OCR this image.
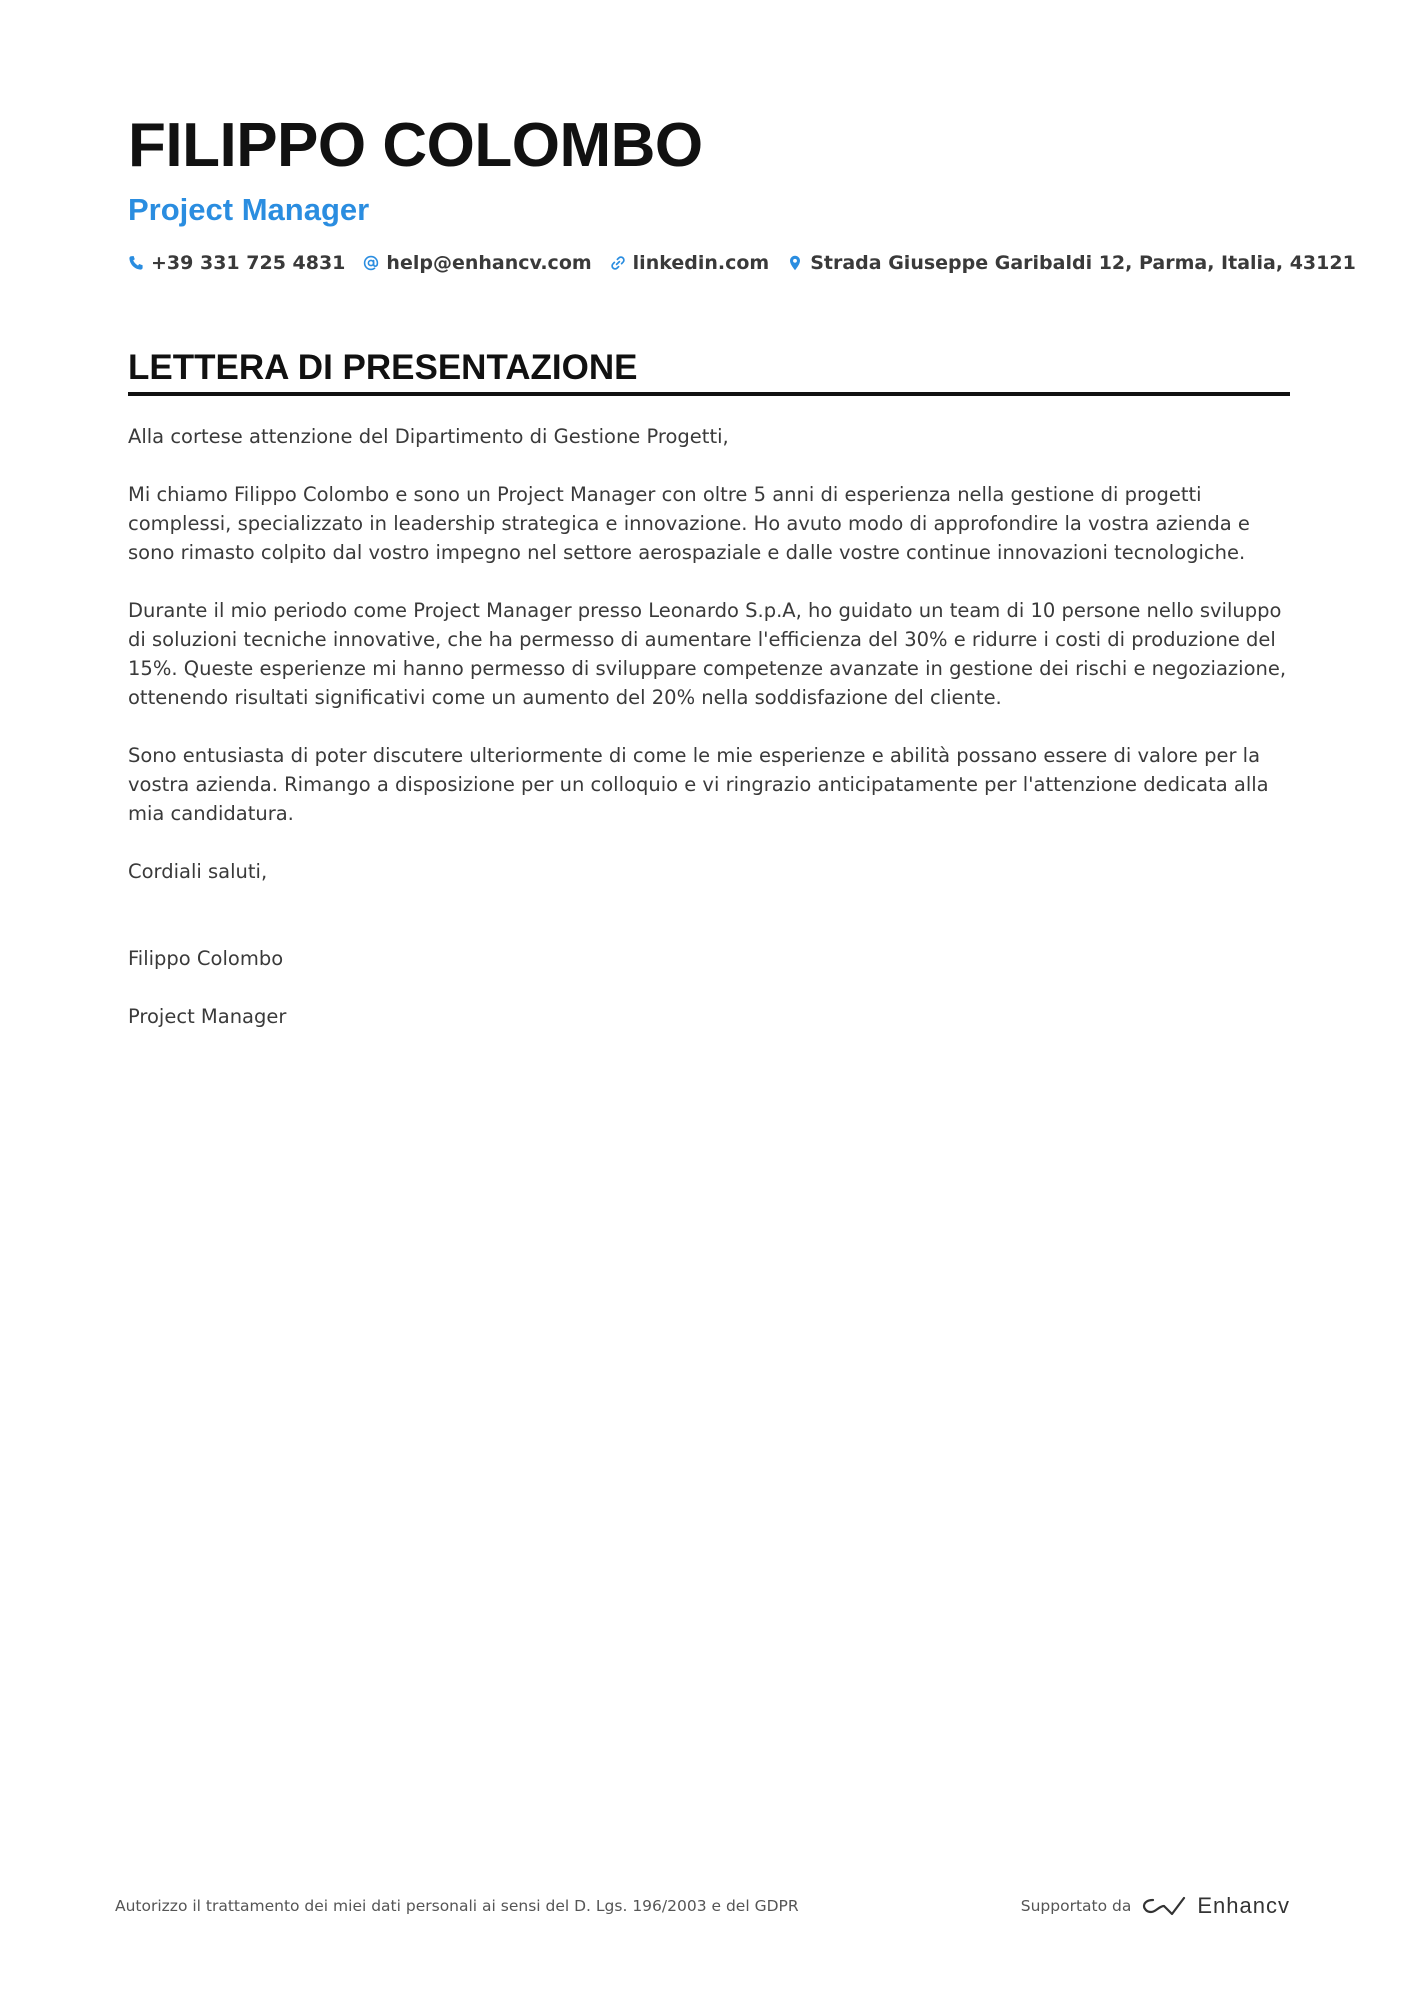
FILIPPO COLOMBO
Project Manager
+39 331 725 4831 help@enhancv.com linkedin.com Strada Giuseppe Garibaldi 12, Parma, Italia, 43121
LETTERA DI PRESENTAZIONE

Alla cortese attenzione del Dipartimento di Gestione Progetti,

Mi chiamo Filippo Colombo e sono un Project Manager con oltre 5 anni di esperienza nella gestione di progetti complessi, specializzato in leadership strategica e innovazione. Ho avuto modo di approfondire la vostra azienda e sono rimasto colpito dal vostro impegno nel settore aerospaziale e dalle vostre continue innovazioni tecnologiche.

Durante il mio periodo come Project Manager presso Leonardo S.p.A, ho guidato un team di 10 persone nello sviluppo di soluzioni tecniche innovative, che ha permesso di aumentare l'efficienza del 30% e ridurre i costi di produzione del 15%. Queste esperienze mi hanno permesso di sviluppare competenze avanzate in gestione dei rischi e negoziazione, ottenendo risultati significativi come un aumento del 20% nella soddisfazione del cliente.

Sono entusiasta di poter discutere ulteriormente di come le mie esperienze e abilità possano essere di valore per la vostra azienda. Rimango a disposizione per un colloquio e vi ringrazio anticipatamente per l'attenzione dedicata alla mia candidatura.

Cordiali saluti,

Filippo Colombo

Project Manager

Autorizzo il trattamento dei miei dati personali ai sensi del D. Lgs. 196/2003 e del GDPR	Supportato da	Enhancv
